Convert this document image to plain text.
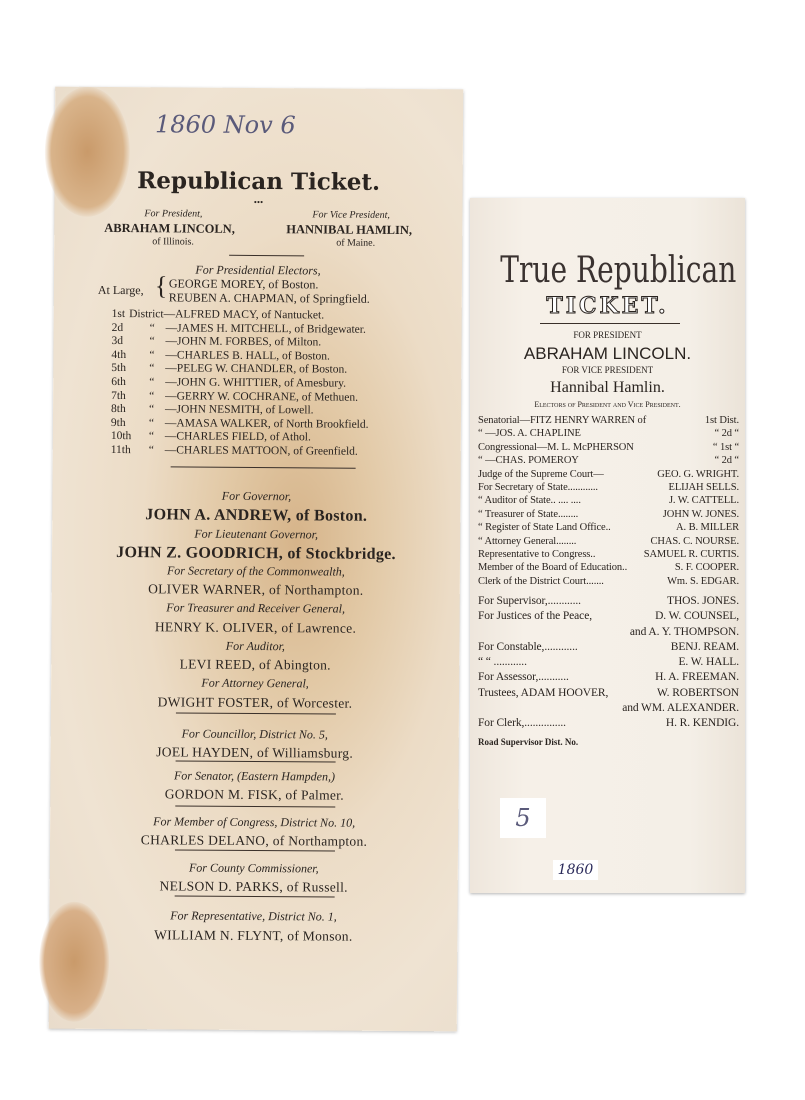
1860 Nov 6
Republican Ticket.
•••
For President,
ABRAHAM LINCOLN,
of Illinois.
For Vice President,
HANNIBAL HAMLIN,
of Maine.
For Presidential Electors,
At Large, { GEORGE MOREY, of Boston.
REUBEN A. CHAPMAN, of Springfield.
1st District—ALFRED MACY, of Nantucket.
2d “ —JAMES H. MITCHELL, of Bridgewater.
3d “ —JOHN M. FORBES, of Milton.
4th “ —CHARLES B. HALL, of Boston.
5th “ —PELEG W. CHANDLER, of Boston.
6th “ —JOHN G. WHITTIER, of Amesbury.
7th “ —GERRY W. COCHRANE, of Methuen.
8th “ —JOHN NESMITH, of Lowell.
9th “ —AMASA WALKER, of North Brookfield.
10th “ —CHARLES FIELD, of Athol.
11th “ —CHARLES MATTOON, of Greenfield.
For Governor,
JOHN A. ANDREW, of Boston.
For Lieutenant Governor,
JOHN Z. GOODRICH, of Stockbridge.
For Secretary of the Commonwealth,
OLIVER WARNER, of Northampton.
For Treasurer and Receiver General,
HENRY K. OLIVER, of Lawrence.
For Auditor,
LEVI REED, of Abington.
For Attorney General,
DWIGHT FOSTER, of Worcester.
For Councillor, District No. 5,
JOEL HAYDEN, of Williamsburg.
For Senator, (Eastern Hampden,)
GORDON M. FISK, of Palmer.
For Member of Congress, District No. 10,
CHARLES DELANO, of Northampton.
For County Commissioner,
NELSON D. PARKS, of Russell.
For Representative, District No. 1,
WILLIAM N. FLYNT, of Monson.
True Republican
TICKET.
FOR PRESIDENT
ABRAHAM LINCOLN.
FOR VICE PRESIDENT
Hannibal Hamlin.
Electors of President and Vice President.
Senatorial—FITZ HENRY WARREN of	1st Dist.
“ —JOS. A. CHAPLINE	“ 2d “
Congressional—M. L. McPHERSON	“ 1st “
“ —CHAS. POMEROY	“ 2d “
Judge of the Supreme Court—	GEO. G. WRIGHT.
For Secretary of State............	ELIJAH SELLS.
“ Auditor of State.. .... ....	J. W. CATTELL.
“ Treasurer of State........	JOHN W. JONES.
“ Register of State Land Office..	A. B. MILLER
“ Attorney General........	CHAS. C. NOURSE.
Representative to Congress..	SAMUEL R. CURTIS.
Member of the Board of Education..	S. F. COOPER.
Clerk of the District Court.......	Wm. S. EDGAR.
For Supervisor,............	THOS. JONES.
For Justices of the Peace,	D. W. COUNSEL,
and A. Y. THOMPSON.
For Constable,............	BENJ. REAM.
“ “ ............	E. W. HALL.
For Assessor,...........	H. A. FREEMAN.
Trustees, ADAM HOOVER,	W. ROBERTSON
and WM. ALEXANDER.
For Clerk,...............	H. R. KENDIG.
Road Supervisor Dist. No.
5
1860
